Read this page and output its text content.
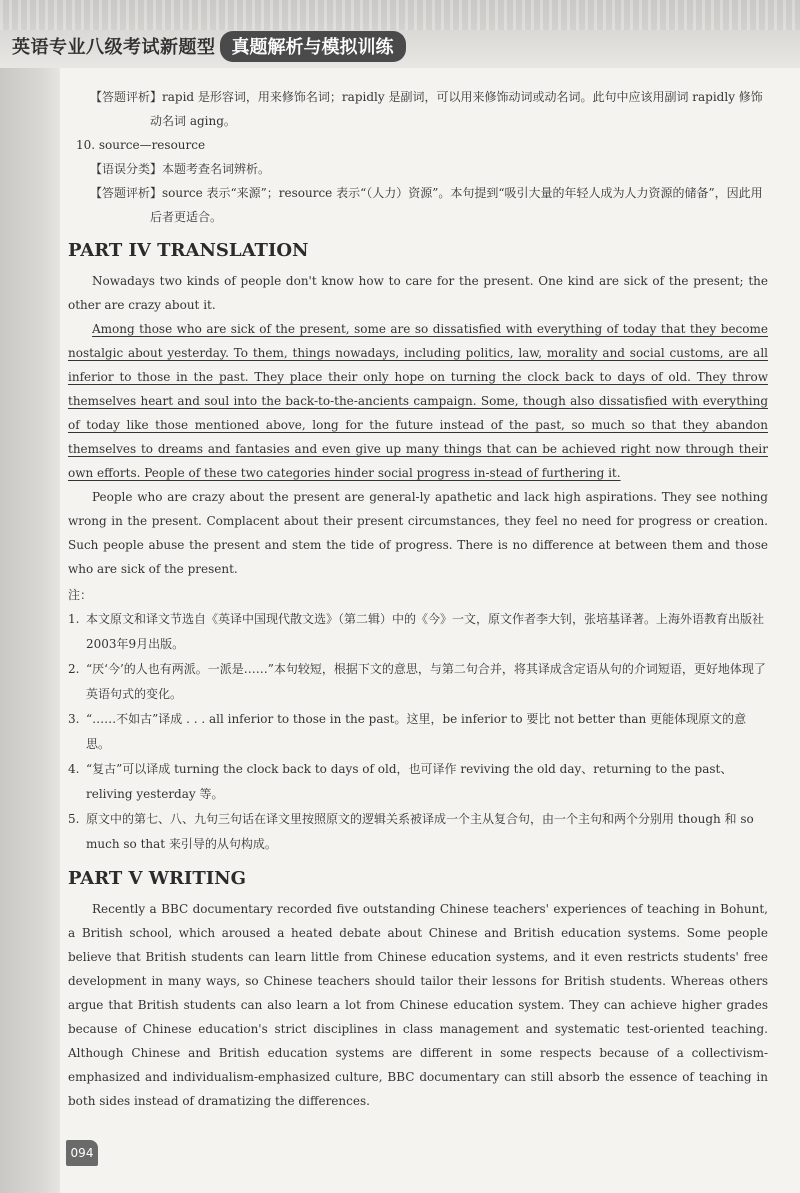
英语专业八级考试新题型 真题解析与模拟训练

【答题评析】rapid 是形容词，用来修饰名词；rapidly 是副词，可以用来修饰动词或动名词。此句中应该用副词 rapidly 修饰动名词 aging。

10. source—resource

【语误分类】本题考查名词辨析。

【答题评析】source 表示“来源”；resource 表示“（人力）资源”。本句提到“吸引大量的年轻人成为人力资源的储备”，因此用后者更适合。

PART IV TRANSLATION

Nowadays two kinds of people don't know how to care for the present. One kind are sick of the present; the other are crazy about it.

Among those who are sick of the present, some are so dissatisfied with everything of today that they become nostalgic about yesterday. To them, things nowadays, including politics, law, morality and social customs, are all inferior to those in the past. They place their only hope on turning the clock back to days of old. They throw themselves heart and soul into the back-to-the-ancients campaign. Some, though also dissatisfied with everything of today like those mentioned above, long for the future instead of the past, so much so that they abandon themselves to dreams and fantasies and even give up many things that can be achieved right now through their own efforts. People of these two categories hinder social progress in-stead of furthering it.

People who are crazy about the present are general-ly apathetic and lack high aspirations. They see nothing wrong in the present. Complacent about their present circumstances, they feel no need for progress or creation. Such people abuse the present and stem the tide of progress. There is no difference at between them and those who are sick of the present.

注：

1. 本文原文和译文节选自《英译中国现代散文选》（第二辑）中的《今》一文，原文作者李大钊，张培基译著。上海外语教育出版社2003年9月出版。
2. “厌‘今’的人也有两派。一派是……”本句较短，根据下文的意思，与第二句合并，将其译成含定语从句的介词短语，更好地体现了英语句式的变化。
3. “……不如古”译成 . . . all inferior to those in the past。这里，be inferior to 要比 not better than 更能体现原文的意思。
4. “复古”可以译成 turning the clock back to days of old，也可译作 reviving the old day、returning to the past、reliving yesterday 等。
5. 原文中的第七、八、九句三句话在译文里按照原文的逻辑关系被译成一个主从复合句，由一个主句和两个分别用 though 和 so much so that 来引导的从句构成。
PART V WRITING

Recently a BBC documentary recorded five outstanding Chinese teachers' experiences of teaching in Bohunt, a British school, which aroused a heated debate about Chinese and British education systems. Some people believe that British students can learn little from Chinese education systems, and it even restricts students' free development in many ways, so Chinese teachers should tailor their lessons for British students. Whereas others argue that British students can also learn a lot from Chinese education system. They can achieve higher grades because of Chinese education's strict disciplines in class management and systematic test-oriented teaching. Although Chinese and British education systems are different in some respects because of a collectivism-emphasized and individualism-emphasized culture, BBC documentary can still absorb the essence of teaching in both sides instead of dramatizing the differences.

094
